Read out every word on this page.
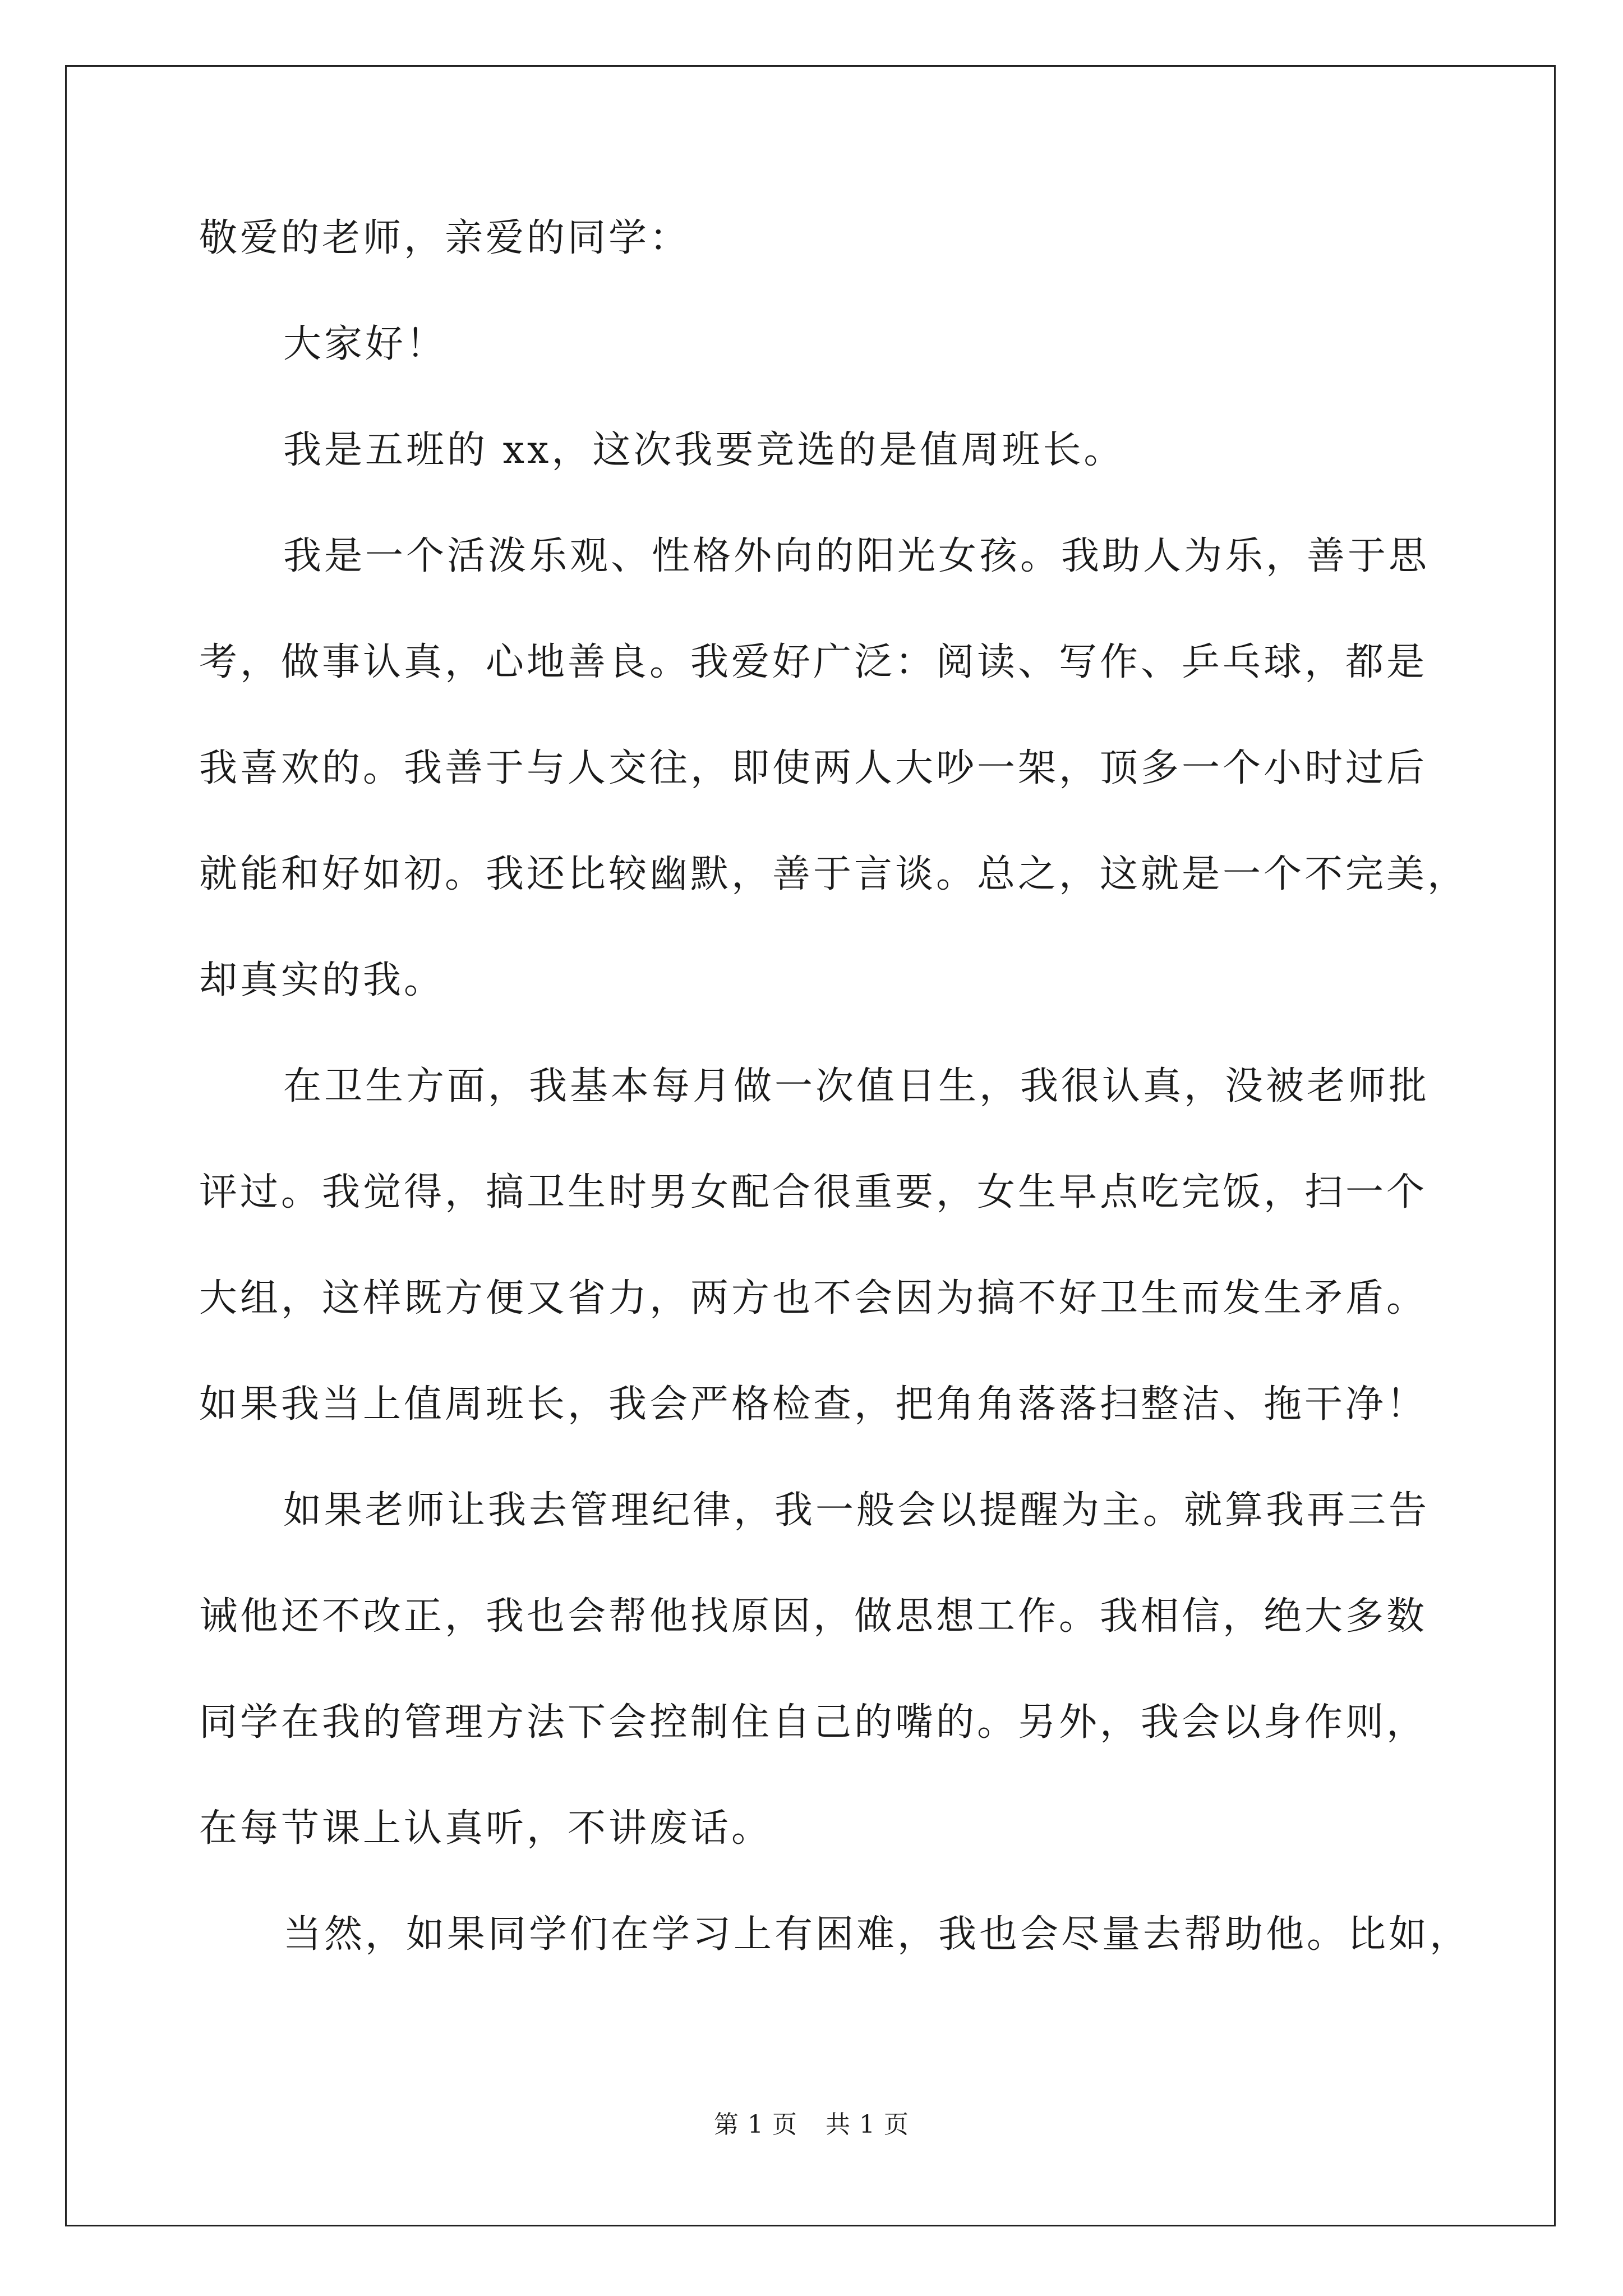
敬爱的老师，亲爱的同学：
大家好！
我是五班的 xx，这次我要竞选的是值周班长。
我是一个活泼乐观、性格外向的阳光女孩。我助人为乐，善于思
考，做事认真，心地善良。我爱好广泛：阅读、写作、乒乓球，都是
我喜欢的。我善于与人交往，即使两人大吵一架，顶多一个小时过后
就能和好如初。我还比较幽默，善于言谈。总之，这就是一个不完美，
却真实的我。
在卫生方面，我基本每月做一次值日生，我很认真，没被老师批
评过。我觉得，搞卫生时男女配合很重要，女生早点吃完饭，扫一个
大组，这样既方便又省力，两方也不会因为搞不好卫生而发生矛盾。
如果我当上值周班长，我会严格检查，把角角落落扫整洁、拖干净！
如果老师让我去管理纪律，我一般会以提醒为主。就算我再三告
诫他还不改正，我也会帮他找原因，做思想工作。我相信，绝大多数
同学在我的管理方法下会控制住自己的嘴的。另外，我会以身作则，
在每节课上认真听，不讲废话。
当然，如果同学们在学习上有困难，我也会尽量去帮助他。比如，
第 1 页 共 1 页
